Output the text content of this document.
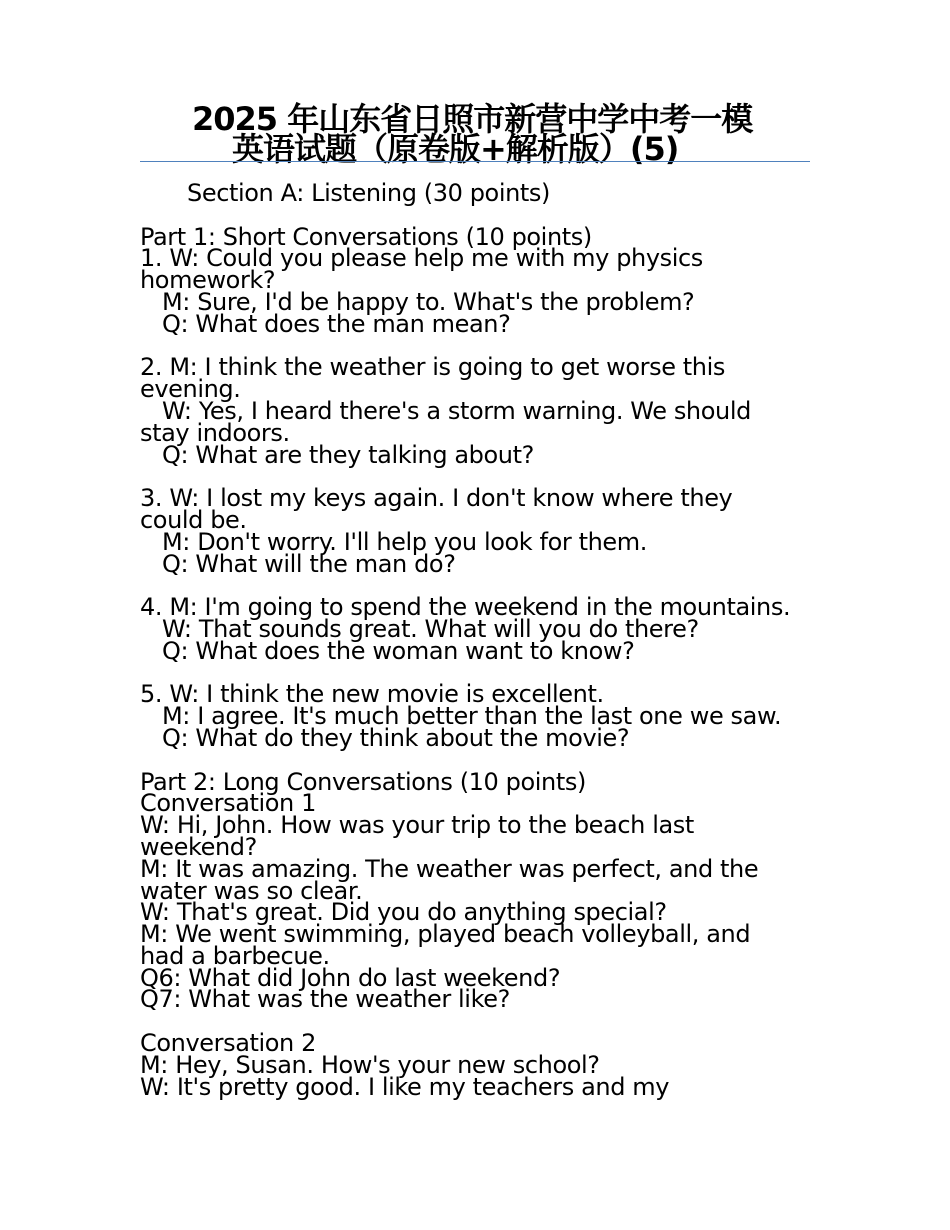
2025 年山东省日照市新营中学中考一模
英语试题（原卷版+解析版）(5)
Section A: Listening (30 points)
Part 1: Short Conversations (10 points)
1. W: Could you please help me with my physics
homework?
M: Sure, I'd be happy to. What's the problem?
Q: What does the man mean?
2. M: I think the weather is going to get worse this
evening.
W: Yes, I heard there's a storm warning. We should
stay indoors.
Q: What are they talking about?
3. W: I lost my keys again. I don't know where they
could be.
M: Don't worry. I'll help you look for them.
Q: What will the man do?
4. M: I'm going to spend the weekend in the mountains.
W: That sounds great. What will you do there?
Q: What does the woman want to know?
5. W: I think the new movie is excellent.
M: I agree. It's much better than the last one we saw.
Q: What do they think about the movie?
Part 2: Long Conversations (10 points)
Conversation 1
W: Hi, John. How was your trip to the beach last
weekend?
M: It was amazing. The weather was perfect, and the
water was so clear.
W: That's great. Did you do anything special?
M: We went swimming, played beach volleyball, and
had a barbecue.
Q6: What did John do last weekend?
Q7: What was the weather like?
Conversation 2
M: Hey, Susan. How's your new school?
W: It's pretty good. I like my teachers and my
